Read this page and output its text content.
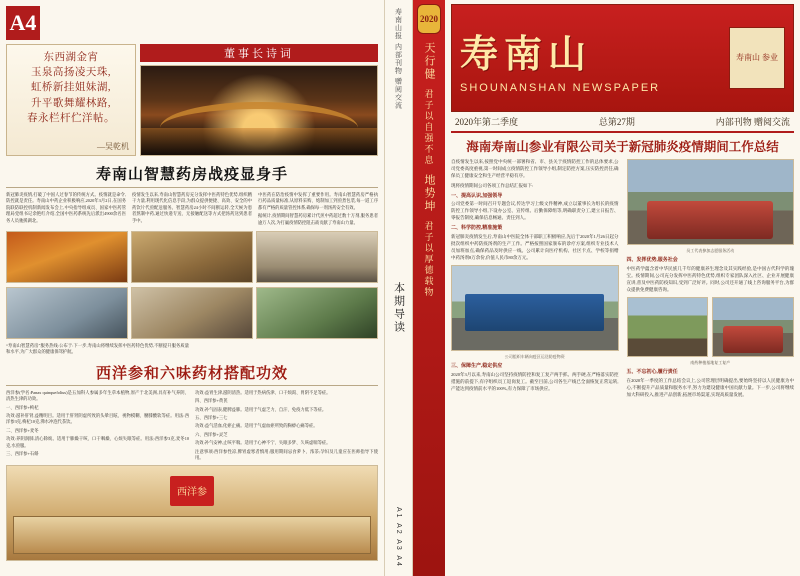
A4
东西湖金宵
玉泉高扬凌天珠,
虹桥新挂姐妹湖,
升平歌舞耀林路,
春永栏杆伫洋帖。
—吴乾机
董事长诗词
寿南山智慧药房战疫显身手

新冠肺炎疫情,打破了中国人过春节的传统方式。疫情就是命令,防控就是责任。寿南山中药企业积极响应,2020年3月2日,在国务院联防联控机制新闻发布会上,中央指导组成员、国家中医药管理局党组书记余艳红介绍,全国中医药系统先后派出4900余名医务人员驰援湖北。

疫情发生以来,寿南山智慧药房充分发挥中医药特色优势,组织精干力量,利用现代化信息手段,为群众提供便捷、高效、安全的中药饮片代煎配送服务。智慧药房24小时不间断运转,全天候为患者熬制中药,通过快递专送、无接触配送等方式把汤药送到患者手中。

中医药在防治疫情中发挥了重要作用。寿南山智慧药房严格执行药品质量标准,从原料采购、炮制加工到煎煮包装,每一道工序都有严格的质量管控体系,确保每一剂汤药安全有效。

据统计,疫情期间智慧药房累计代煎中药超过数十万剂,服务患者逾万人次,为打赢疫情防控阻击战贡献了寿南山力量。

“寿南山智慧药房”服务热线:公布于:下一步,寿南山将继续发挥中医药特色优势,不断提升服务质量和水平,为广大群众的健康保驾护航。

西洋参和六味药材搭配功效

西洋参(学名:Panax quinquefolius)是五加科人参属多年生草本植物,原产于北美洲,具有补气养阴、清热生津的功效。

一、西洋参+枸杞

功效:滋补肝肾,益精明目。适用于肝肾阴虚所致的头晕目眩、视物模糊、腰膝酸软等症。用法:西洋参3克,枸杞10克,沸水冲泡代茶饮。

二、西洋参+麦冬

功效:养阴润肺,清心除烦。适用于肺燥干咳、口干咽燥、心烦失眠等症。用法:西洋参3克,麦冬10克,水煎服。

三、西洋参+石斛

功效:益胃生津,滋阴清热。适用于热病伤津、口干烦渴、胃阴不足等症。

四、西洋参+黄芪

功效:补气固表,健脾益肺。适用于气虚乏力、自汗、免疫力低下等症。

五、西洋参+三七

功效:益气活血,化瘀止痛。适用于气虚血瘀所致的胸痹心痛等症。

六、西洋参+灵芝

功效:补气安神,止咳平喘。适用于心神不宁、失眠多梦、久咳虚喘等症。

注意事项:西洋参性凉,脾胃虚寒者慎用;服用期间忌食萝卜、浓茶;孕妇及儿童应在医师指导下使用。

西洋参
寿南山报 内部刊物 赠阅交流
本期导读
A1 A2 A3 A4
2020
天行健
君子以自强不息
地势坤
君子以厚德载物
寿南山
SHOUNANSHAN NEWSPAPER
寿南山 参业
2020年第二季度	总第27期	内部刊物 赠阅交流
海南寿南山参业有限公司关于新冠肺炎疫情期间工作总结

自疫情发生以来,按照党中央统一部署和省、市、县关于疫情防控工作的总体要求,公司党委高度重视,第一时间成立疫情防控工作领导小组,制定防控方案,压实防控责任,确保员工健康安全和生产经营平稳有序。

现将疫情期间公司各项工作总结汇报如下:

一、提高认识,加强领导

公司党委第一时间召开专题会议,传达学习上级文件精神,成立以董事长为组长的疫情防控工作领导小组,下设办公室、宣传组、后勤保障组等,明确职责分工,建立日报告、零报告制度,确保信息畅通、责任到人。

二、科学防控,精准施策

新冠肺炎疫情发生后,寿南山中医院全体干部职工积极响应,先后于2020年1月26日起分批次组织中药防疫汤剂的生产工作。严格按照国家颁布的诊疗方案,组织专业技术人员加班加点,确保药品及时供应一线。公司累计向医疗机构、社区卡点、学校等捐赠中药汤剂8万余份,价值人民币80余万元。

公司组织车辆向疫区运送防疫物资
三、保障生产,稳定供应

2020年3月以来,寿南山公司坚持疫情防控和复工复产两手抓、两手硬,在严格落实防控措施的前提下,有序组织员工返岗复工。截至目前,公司各生产线已全面恢复正常运转,产能达到疫情前水平的100%,有力保障了市场供应。

员工代表参加志愿服务活动
四、发挥优势,服务社会

中医药学蕴含着中华民族几千年的健康养生理念及其实践经验,是中国古代科学的瑰宝。疫情期间,公司充分发挥中医药特色优势,组织专家团队深入社区、企业开展健康宣讲,普及中医药防疫知识,受到广泛好评。同时,公司还开通了线上咨询服务平台,为群众提供免费健康咨询。

南药种植基地复工复产
五、不忘初心,履行责任

在2020年一季度的工作总结会议上,公司管理层明确提出,要始终坚持以人民健康为中心,不断提升产品质量和服务水平,努力为建设健康中国贡献力量。下一步,公司将继续加大科研投入,推进产品创新,拓展市场渠道,实现高质量发展。
